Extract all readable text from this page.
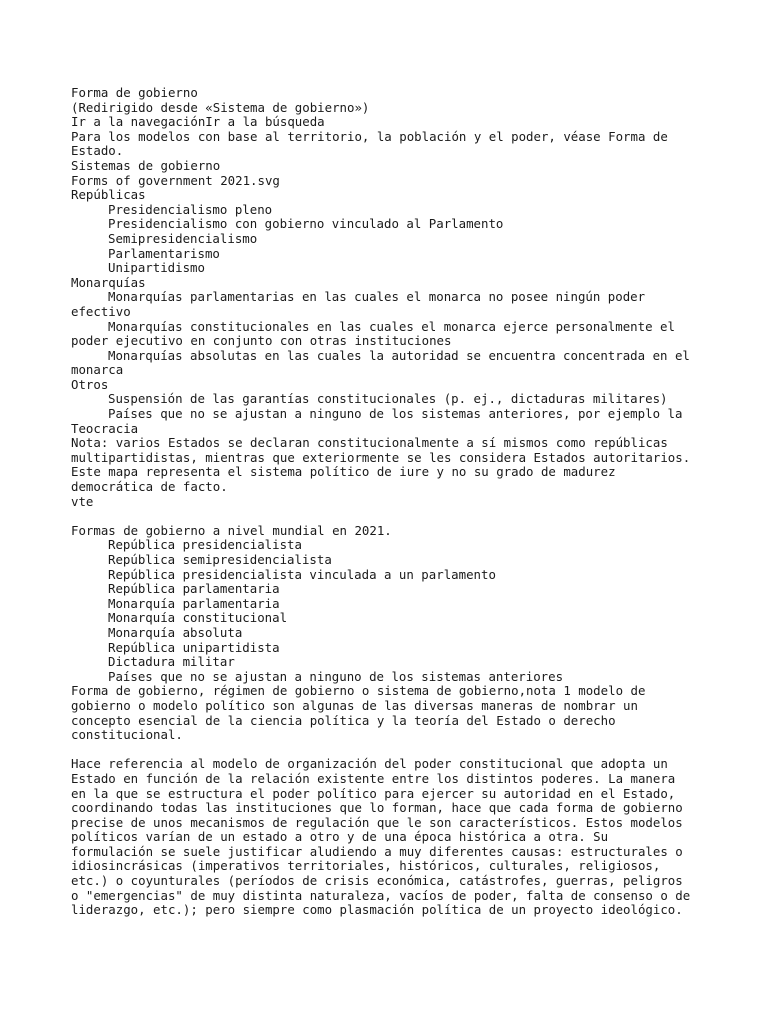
Forma de gobierno
(Redirigido desde «Sistema de gobierno»)
Ir a la navegaciónIr a la búsqueda
Para los modelos con base al territorio, la población y el poder, véase Forma de
Estado.
Sistemas de gobierno
Forms of government 2021.svg
Repúblicas
Presidencialismo pleno
Presidencialismo con gobierno vinculado al Parlamento
Semipresidencialismo
Parlamentarismo
Unipartidismo
Monarquías
Monarquías parlamentarias en las cuales el monarca no posee ningún poder
efectivo
Monarquías constitucionales en las cuales el monarca ejerce personalmente el
poder ejecutivo en conjunto con otras instituciones
Monarquías absolutas en las cuales la autoridad se encuentra concentrada en el
monarca
Otros
Suspensión de las garantías constitucionales (p. ej., dictaduras militares)
Países que no se ajustan a ninguno de los sistemas anteriores, por ejemplo la
Teocracia
Nota: varios Estados se declaran constitucionalmente a sí mismos como repúblicas
multipartidistas, mientras que exteriormente se les considera Estados autoritarios.
Este mapa representa el sistema político de iure y no su grado de madurez
democrática de facto.
vte
Formas de gobierno a nivel mundial en 2021.
República presidencialista
República semipresidencialista
República presidencialista vinculada a un parlamento
República parlamentaria
Monarquía parlamentaria
Monarquía constitucional
Monarquía absoluta
República unipartidista
Dictadura militar
Países que no se ajustan a ninguno de los sistemas anteriores
Forma de gobierno, régimen de gobierno o sistema de gobierno,nota 1 modelo de
gobierno o modelo político son algunas de las diversas maneras de nombrar un
concepto esencial de la ciencia política y la teoría del Estado o derecho
constitucional.
Hace referencia al modelo de organización del poder constitucional que adopta un
Estado en función de la relación existente entre los distintos poderes. La manera
en la que se estructura el poder político para ejercer su autoridad en el Estado,
coordinando todas las instituciones que lo forman, hace que cada forma de gobierno
precise de unos mecanismos de regulación que le son característicos. Estos modelos
políticos varían de un estado a otro y de una época histórica a otra. Su
formulación se suele justificar aludiendo a muy diferentes causas: estructurales o
idiosincrásicas (imperativos territoriales, históricos, culturales, religiosos,
etc.) o coyunturales (períodos de crisis económica, catástrofes, guerras, peligros
o "emergencias" de muy distinta naturaleza, vacíos de poder, falta de consenso o de
liderazgo, etc.); pero siempre como plasmación política de un proyecto ideológico.
